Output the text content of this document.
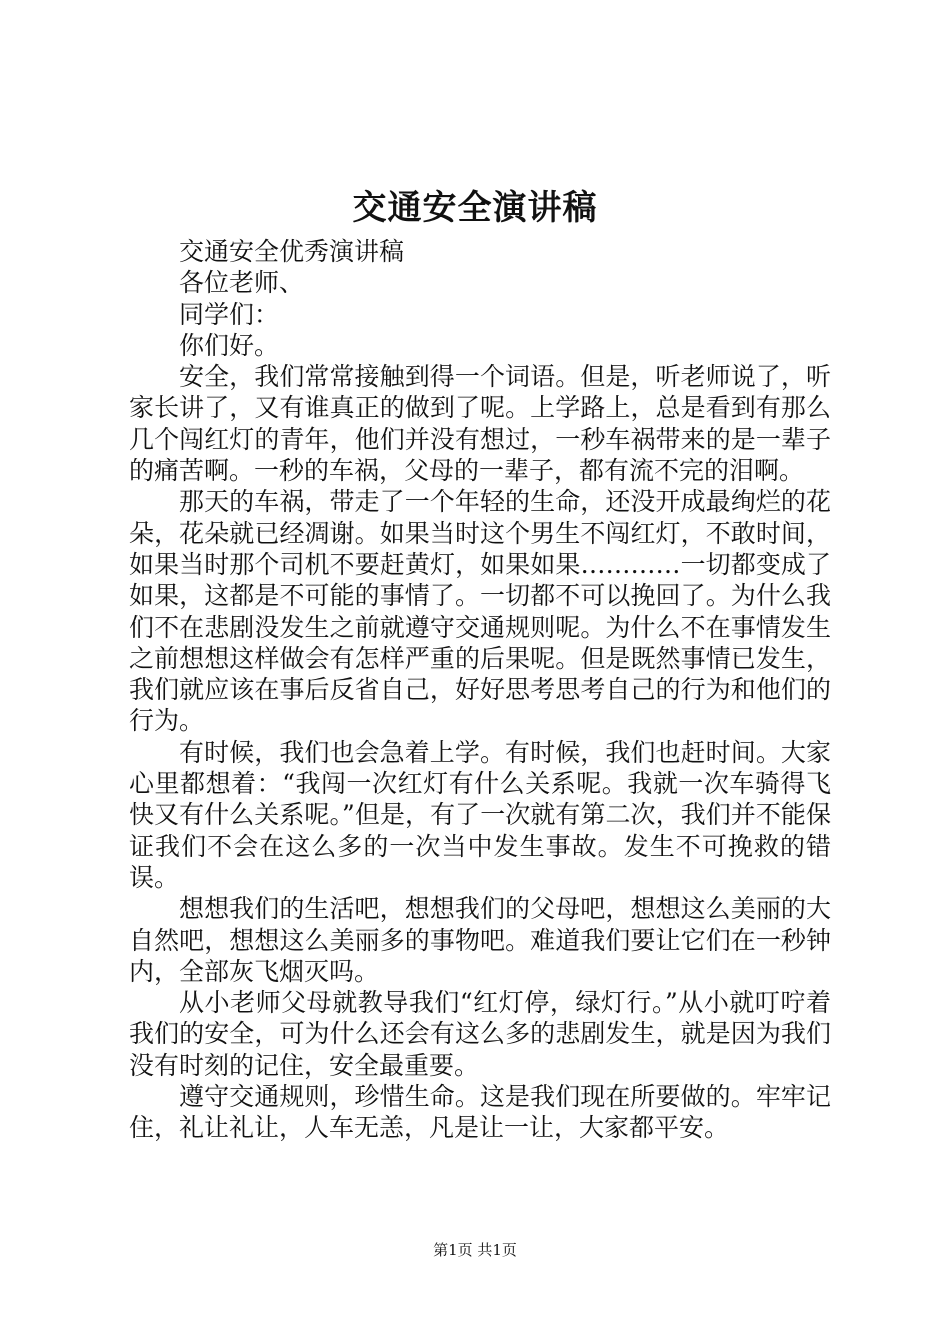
交通安全演讲稿

交通安全优秀演讲稿

各位老师、

同学们：

你们好。

安全，我们常常接触到得一个词语。但是，听老师说了，听家长讲了，又有谁真正的做到了呢。上学路上，总是看到有那么几个闯红灯的青年，他们并没有想过，一秒车祸带来的是一辈子的痛苦啊。一秒的车祸，父母的一辈子，都有流不完的泪啊。

那天的车祸，带走了一个年轻的生命，还没开成最绚烂的花朵，花朵就已经凋谢。如果当时这个男生不闯红灯，不敢时间，如果当时那个司机不要赶黄灯，如果如果…………一切都变成了如果，这都是不可能的事情了。一切都不可以挽回了。为什么我们不在悲剧没发生之前就遵守交通规则呢。为什么不在事情发生之前想想这样做会有怎样严重的后果呢。但是既然事情已发生，我们就应该在事后反省自己，好好思考思考自己的行为和他们的行为。

有时候，我们也会急着上学。有时候，我们也赶时间。大家心里都想着：“我闯一次红灯有什么关系呢。我就一次车骑得飞快又有什么关系呢。”但是，有了一次就有第二次，我们并不能保证我们不会在这么多的一次当中发生事故。发生不可挽救的错误。

想想我们的生活吧，想想我们的父母吧，想想这么美丽的大自然吧，想想这么美丽多的事物吧。难道我们要让它们在一秒钟内，全部灰飞烟灭吗。

从小老师父母就教导我们“红灯停，绿灯行。”从小就叮咛着我们的安全，可为什么还会有这么多的悲剧发生，就是因为我们没有时刻的记住，安全最重要。

遵守交通规则，珍惜生命。这是我们现在所要做的。牢牢记住，礼让礼让，人车无恙，凡是让一让，大家都平安。

第1页 共1页
